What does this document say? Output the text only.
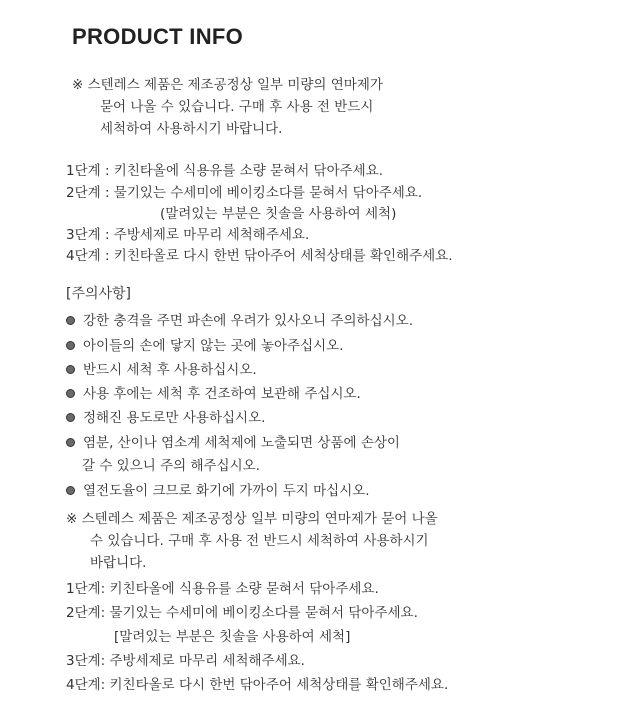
PRODUCT INFO
※ 스텐레스 제품은 제조공정상 일부 미량의 연마제가
묻어 나올 수 있습니다. 구매 후 사용 전 반드시
세척하여 사용하시기 바랍니다.
1단계 : 키친타올에 식용유를 소량 묻혀서 닦아주세요.
2단계 : 물기있는 수세미에 베이킹소다를 묻혀서 닦아주세요.
(말려있는 부분은 칫솔을 사용하여 세척)
3단계 : 주방세제로 마무리 세척해주세요.
4단계 : 키친타올로 다시 한번 닦아주어 세척상태를 확인해주세요.
[주의사항]
강한 충격을 주면 파손에 우려가 있사오니 주의하십시오.
아이들의 손에 닿지 않는 곳에 놓아주십시오.
반드시 세척 후 사용하십시오.
사용 후에는 세척 후 건조하여 보관해 주십시오.
정해진 용도로만 사용하십시오.
염분, 산이나 염소계 세척제에 노출되면 상품에 손상이
갈 수 있으니 주의 해주십시오.
열전도율이 크므로 화기에 가까이 두지 마십시오.
※ 스텐레스 제품은 제조공정상 일부 미량의 연마제가 묻어 나올
수 있습니다. 구매 후 사용 전 반드시 세척하여 사용하시기
바랍니다.
1단계: 키친타올에 식용유를 소량 묻혀서 닦아주세요.
2단계: 물기있는 수세미에 베이킹소다를 묻혀서 닦아주세요.
[말려있는 부분은 칫솔을 사용하여 세척]
3단계: 주방세제로 마무리 세척해주세요.
4단계: 키친타올로 다시 한번 닦아주어 세척상태를 확인해주세요.
